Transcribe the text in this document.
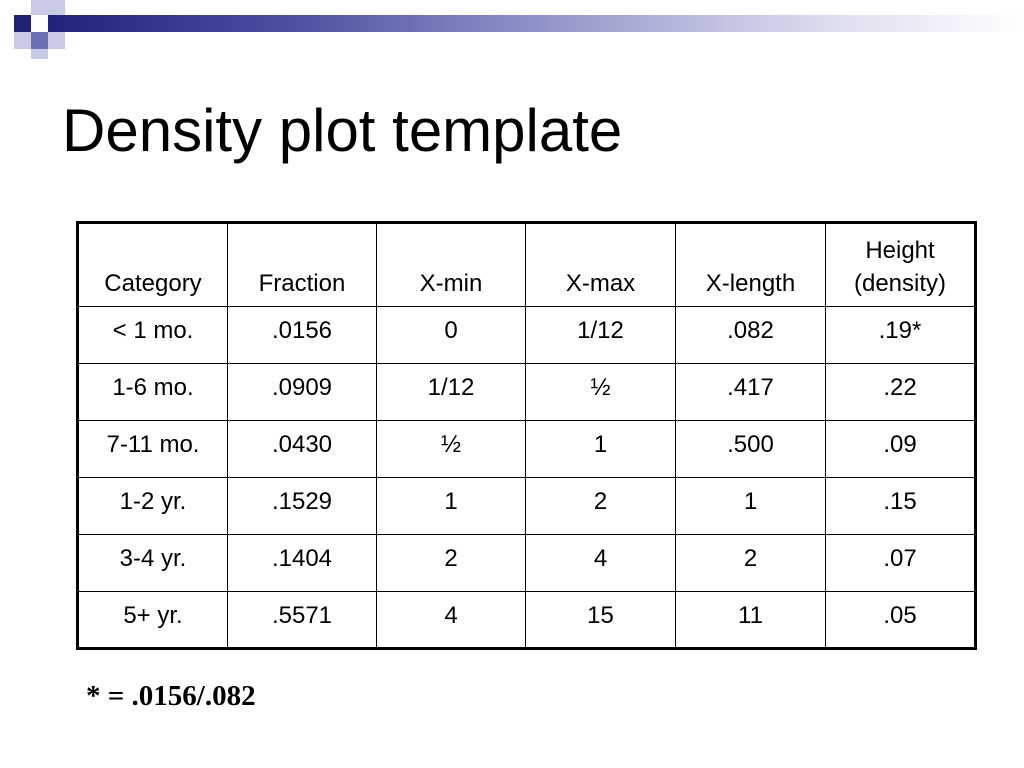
Density plot template
Category	Fraction	X-min	X-max	X-length	Height
(density)

< 1 mo.	.0156	0	1/12	.082	.19*
1-6 mo.	.0909	1/12	½	.417	.22
7-11 mo.	.0430	½	1	.500	.09
1-2 yr.	.1529	1	2	1	.15
3-4 yr.	.1404	2	4	2	.07
5+ yr.	.5571	4	15	11	.05
* = .0156/.082
